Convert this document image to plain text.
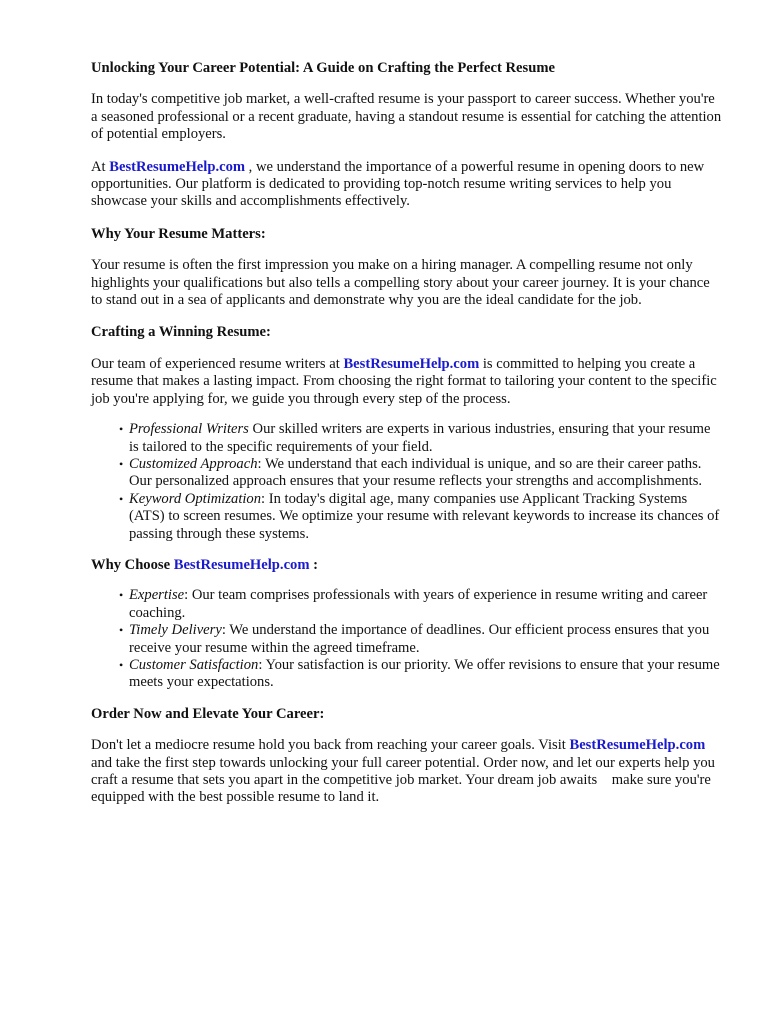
Unlocking Your Career Potential: A Guide on Crafting the Perfect Resume

In today's competitive job market, a well-crafted resume is your passport to career success. Whether you're a seasoned professional or a recent graduate, having a standout resume is essential for catching the attention of potential employers.

At BestResumeHelp.com , we understand the importance of a powerful resume in opening doors to new opportunities. Our platform is dedicated to providing top-notch resume writing services to help you showcase your skills and accomplishments effectively.

Why Your Resume Matters:

Your resume is often the first impression you make on a hiring manager. A compelling resume not only highlights your qualifications but also tells a compelling story about your career journey. It is your chance to stand out in a sea of applicants and demonstrate why you are the ideal candidate for the job.

Crafting a Winning Resume:

Our team of experienced resume writers at BestResumeHelp.com is committed to helping you create a resume that makes a lasting impact. From choosing the right format to tailoring your content to the specific job you're applying for, we guide you through every step of the process.

• Professional Writers Our skilled writers are experts in various industries, ensuring that your resume is tailored to the specific requirements of your field.
• Customized Approach: We understand that each individual is unique, and so are their career paths. Our personalized approach ensures that your resume reflects your strengths and accomplishments.
• Keyword Optimization: In today's digital age, many companies use Applicant Tracking Systems (ATS) to screen resumes. We optimize your resume with relevant keywords to increase its chances of passing through these systems.
Why Choose BestResumeHelp.com :
• Expertise: Our team comprises professionals with years of experience in resume writing and career coaching.
• Timely Delivery: We understand the importance of deadlines. Our efficient process ensures that you receive your resume within the agreed timeframe.
• Customer Satisfaction: Your satisfaction is our priority. We offer revisions to ensure that your resume meets your expectations.
Order Now and Elevate Your Career:

Don't let a mediocre resume hold you back from reaching your career goals. Visit BestResumeHelp.com and take the first step towards unlocking your full career potential. Order now, and let our experts help you craft a resume that sets you apart in the competitive job market. Your dream job awaits    make sure you're equipped with the best possible resume to land it.
